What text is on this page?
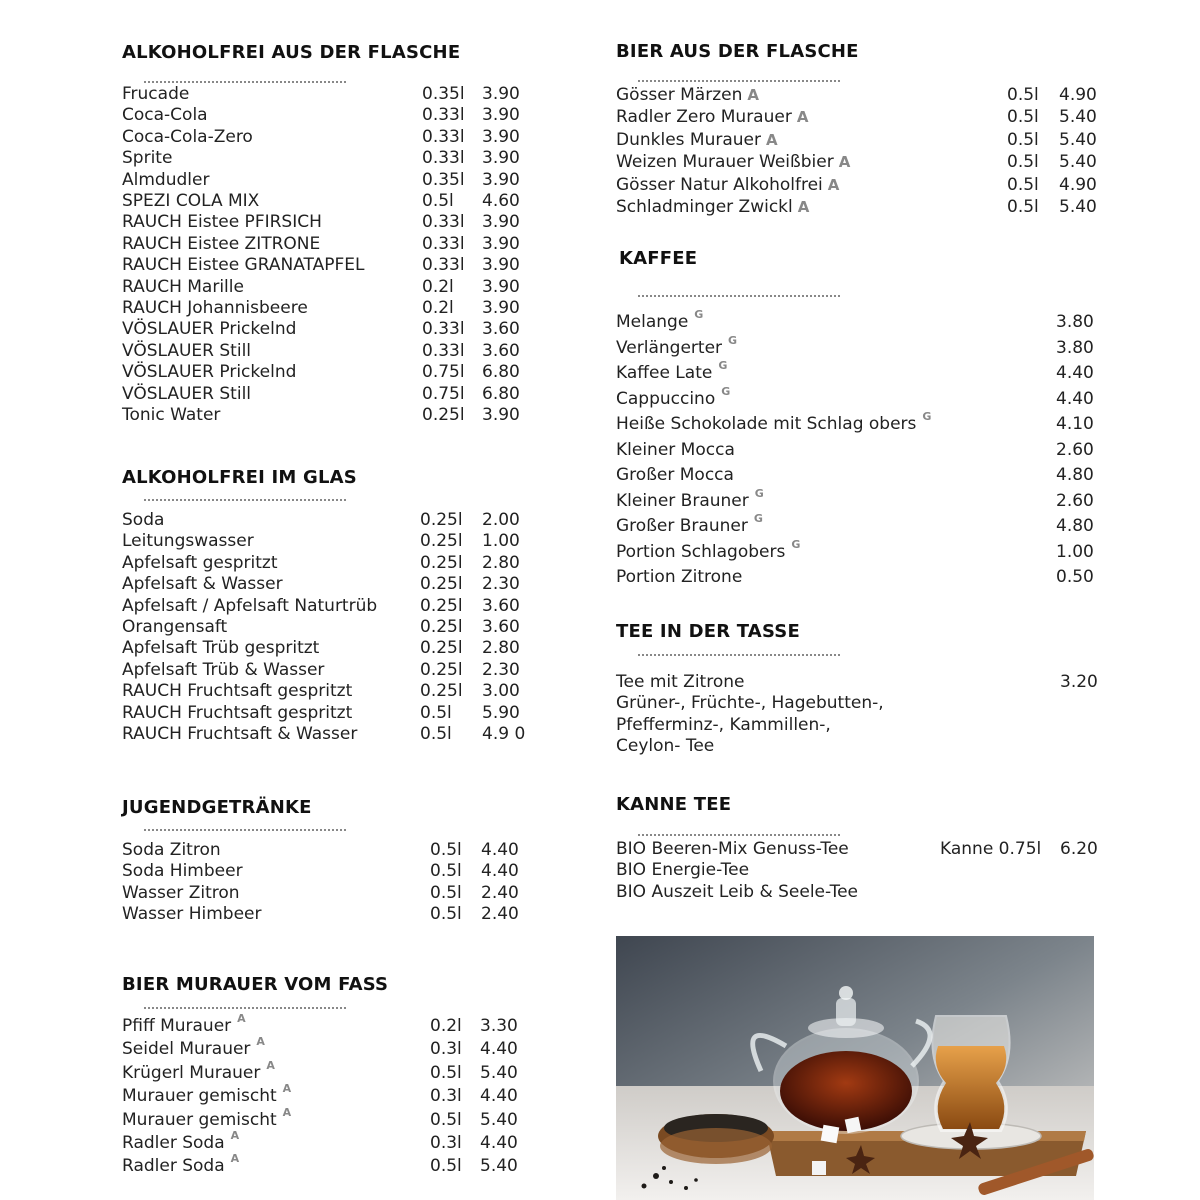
ALKOHOLFREI AUS DER FLASCHE
Frucade	0.35l 3.90
Coca-Cola	0.33l 3.90
Coca-Cola-Zero	0.33l 3.90
Sprite	0.33l 3.90
Almdudler	0.35l 3.90
SPEZI COLA MIX	0.5l 4.60
RAUCH Eistee PFIRSICH	0.33l 3.90
RAUCH Eistee ZITRONE	0.33l 3.90
RAUCH Eistee GRANATAPFEL	0.33l 3.90
RAUCH Marille	0.2l 3.90
RAUCH Johannisbeere	0.2l 3.90
VÖSLAUER Prickelnd	0.33l 3.60
VÖSLAUER Still	0.33l 3.60
VÖSLAUER Prickelnd	0.75l 6.80
VÖSLAUER Still	0.75l 6.80
Tonic Water	0.25l 3.90
ALKOHOLFREI IM GLAS
Soda	0.25l 2.00
Leitungswasser	0.25l 1.00
Apfelsaft gespritzt	0.25l 2.80
Apfelsaft & Wasser	0.25l 2.30
Apfelsaft / Apfelsaft Naturtrüb	0.25l 3.60
Orangensaft	0.25l 3.60
Apfelsaft Trüb gespritzt	0.25l 2.80
Apfelsaft Trüb & Wasser	0.25l 2.30
RAUCH Fruchtsaft gespritzt	0.25l 3.00
RAUCH Fruchtsaft gespritzt	0.5l 5.90
RAUCH Fruchtsaft & Wasser	0.5l 4.9 0
JUGENDGETRÄNKE
Soda Zitron	0.5l 4.40
Soda Himbeer	0.5l 4.40
Wasser Zitron	0.5l 2.40
Wasser Himbeer	0.5l 2.40
BIER MURAUER VOM FASS
Pfiff Murauer $^A$	0.2l 3.30
Seidel Murauer $^A$	0.3l 4.40
Krügerl Murauer $^A$	0.5l 5.40
Murauer gemischt $^A$	0.3l 4.40
Murauer gemischt $^A$	0.5l 5.40
Radler Soda $^A$	0.3l 4.40
Radler Soda $^A$	0.5l 5.40
BIER AUS DER FLASCHE
Gösser Märzen A	0.5l 4.90
Radler Zero Murauer A	0.5l 5.40
Dunkles Murauer A	0.5l 5.40
Weizen Murauer Weißbier A	0.5l 5.40
Gösser Natur Alkoholfrei A	0.5l 4.90
Schladminger Zwickl A	0.5l 5.40
KAFFEE
Melange $^G$	3.80
Verlängerter $^G$	3.80
Kaffee Late $^G$	4.40
Cappuccino $^G$	4.40
Heiße Schokolade mit Schlag obers $^G$	4.10
Kleiner Mocca	2.60
Großer Mocca	4.80
Kleiner Brauner $^G$	2.60
Großer Brauner $^G$	4.80
Portion Schlagobers $^G$	1.00
Portion Zitrone	0.50
TEE IN DER TASSE
Tee mit Zitrone	3.20
Grüner-, Früchte-, Hagebutten-,
Pfefferminz-, Kammillen-,
Ceylon- Tee
KANNE TEE
BIO Beeren-Mix Genuss-Tee	Kanne 0.75l 6.20
BIO Energie-Tee
BIO Auszeit Leib & Seele-Tee
